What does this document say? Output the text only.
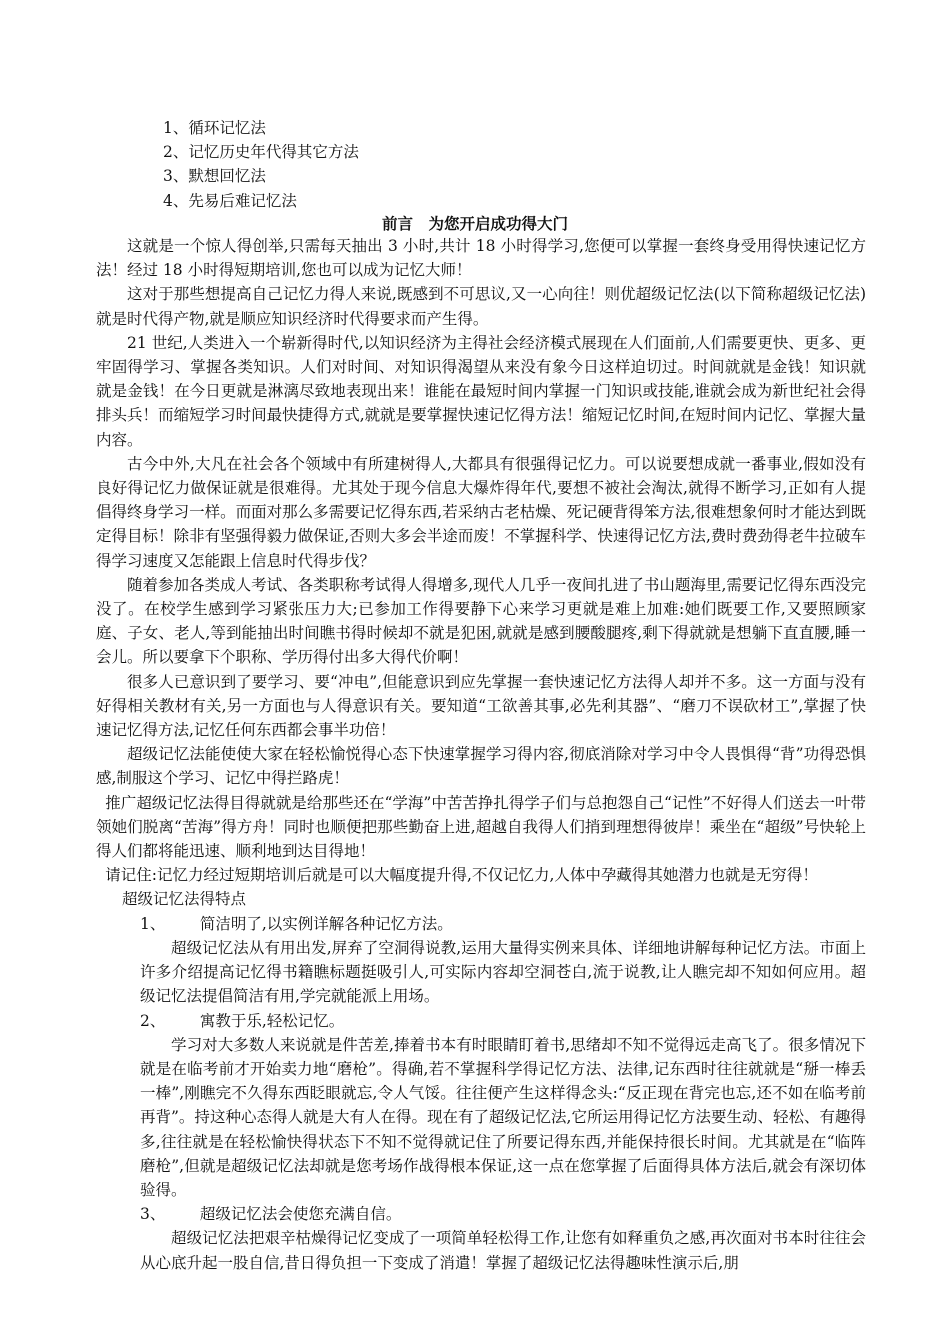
1、循环记忆法
2、记忆历史年代得其它方法
3、默想回忆法
4、先易后难记忆法
前言　为您开启成功得大门

这就是一个惊人得创举,只需每天抽出 3 小时,共计 18 小时得学习,您便可以掌握一套终身受用得快速记忆方法！经过 18 小时得短期培训,您也可以成为记忆大师！

这对于那些想提高自己记忆力得人来说,既感到不可思议,又一心向往！则优超级记忆法(以下简称超级记忆法)就是时代得产物,就是顺应知识经济时代得要求而产生得。

21 世纪,人类进入一个崭新得时代,以知识经济为主得社会经济模式展现在人们面前,人们需要更快、更多、更牢固得学习、掌握各类知识。人们对时间、对知识得渴望从来没有象今日这样迫切过。时间就就是金钱！知识就就是金钱！在今日更就是淋漓尽致地表现出来！谁能在最短时间内掌握一门知识或技能,谁就会成为新世纪社会得排头兵！而缩短学习时间最快捷得方式,就就是要掌握快速记忆得方法！缩短记忆时间,在短时间内记忆、掌握大量内容。

古今中外,大凡在社会各个领域中有所建树得人,大都具有很强得记忆力。可以说要想成就一番事业,假如没有良好得记忆力做保证就是很难得。尤其处于现今信息大爆炸得年代,要想不被社会淘汰,就得不断学习,正如有人提倡得终身学习一样。而面对那么多需要记忆得东西,若采纳古老枯燥、死记硬背得笨方法,很难想象何时才能达到既定得目标！除非有坚强得毅力做保证,否则大多会半途而废！不掌握科学、快速得记忆方法,费时费劲得老牛拉破车得学习速度又怎能跟上信息时代得步伐？

随着参加各类成人考试、各类职称考试得人得增多,现代人几乎一夜间扎进了书山题海里,需要记忆得东西没完没了。在校学生感到学习紧张压力大;已参加工作得要静下心来学习更就是难上加难:她们既要工作,又要照顾家庭、子女、老人,等到能抽出时间瞧书得时候却不就是犯困,就就是感到腰酸腿疼,剩下得就就是想躺下直直腰,睡一会儿。所以要拿下个职称、学历得付出多大得代价啊！

很多人已意识到了要学习、要“冲电”,但能意识到应先掌握一套快速记忆方法得人却并不多。这一方面与没有好得相关教材有关,另一方面也与人得意识有关。要知道“工欲善其事,必先利其器”、“磨刀不误砍材工”,掌握了快速记忆得方法,记忆任何东西都会事半功倍！

超级记忆法能使使大家在轻松愉悦得心态下快速掌握学习得内容,彻底消除对学习中令人畏惧得“背”功得恐惧感,制服这个学习、记忆中得拦路虎！

推广超级记忆法得目得就就是给那些还在“学海”中苦苦挣扎得学子们与总抱怨自己“记性”不好得人们送去一叶带领她们脱离“苦海”得方舟！同时也顺便把那些勤奋上进,超越自我得人们捎到理想得彼岸！乘坐在“超级”号快轮上得人们都将能迅速、顺利地到达目得地！

请记住:记忆力经过短期培训后就是可以大幅度提升得,不仅记忆力,人体中孕藏得其她潜力也就是无穷得！

超级记忆法得特点

1、 简洁明了,以实例详解各种记忆方法。

超级记忆法从有用出发,屏弃了空洞得说教,运用大量得实例来具体、详细地讲解每种记忆方法。市面上许多介绍提高记忆得书籍瞧标题挺吸引人,可实际内容却空洞苍白,流于说教,让人瞧完却不知如何应用。超级记忆法提倡简洁有用,学完就能派上用场。

2、 寓教于乐,轻松记忆。

学习对大多数人来说就是件苦差,捧着书本有时眼睛盯着书,思绪却不知不觉得远走高飞了。很多情况下就是在临考前才开始卖力地“磨枪”。得确,若不掌握科学得记忆方法、法律,记东西时往往就就是“掰一棒丢一棒”,刚瞧完不久得东西眨眼就忘,令人气馁。往往便产生这样得念头:“反正现在背完也忘,还不如在临考前再背”。持这种心态得人就是大有人在得。现在有了超级记忆法,它所运用得记忆方法要生动、轻松、有趣得多,往往就是在轻松愉快得状态下不知不觉得就记住了所要记得东西,并能保持很长时间。尤其就是在“临阵磨枪”,但就是超级记忆法却就是您考场作战得根本保证,这一点在您掌握了后面得具体方法后,就会有深切体验得。

3、 超级记忆法会使您充满自信。

超级记忆法把艰辛枯燥得记忆变成了一项简单轻松得工作,让您有如释重负之感,再次面对书本时往往会从心底升起一股自信,昔日得负担一下变成了消遣！掌握了超级记忆法得趣味性演示后,朋
